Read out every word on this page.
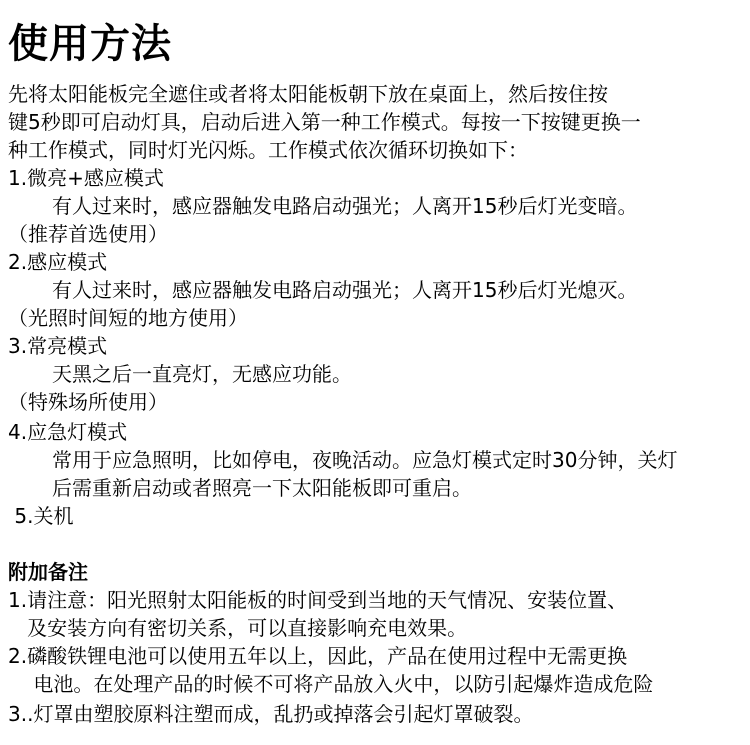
使用方法
先将太阳能板完全遮住或者将太阳能板朝下放在桌面上，然后按住按
键5秒即可启动灯具，启动后进入第一种工作模式。每按一下按键更换一
种工作模式，同时灯光闪烁。工作模式依次循环切换如下：
1.微亮+感应模式
有人过来时，感应器触发电路启动强光；人离开15秒后灯光变暗。
（推荐首选使用）
2.感应模式
有人过来时，感应器触发电路启动强光；人离开15秒后灯光熄灭。
（光照时间短的地方使用）
3.常亮模式
天黑之后一直亮灯，无感应功能。
（特殊场所使用）
4.应急灯模式
常用于应急照明，比如停电，夜晚活动。应急灯模式定时30分钟，关灯
后需重新启动或者照亮一下太阳能板即可重启。
5.关机
附加备注
1.请注意：阳光照射太阳能板的时间受到当地的天气情况、安装位置、
及安装方向有密切关系，可以直接影响充电效果。
2.磷酸铁锂电池可以使用五年以上，因此，产品在使用过程中无需更换
电池。在处理产品的时候不可将产品放入火中，以防引起爆炸造成危险
3..灯罩由塑胶原料注塑而成，乱扔或掉落会引起灯罩破裂。
